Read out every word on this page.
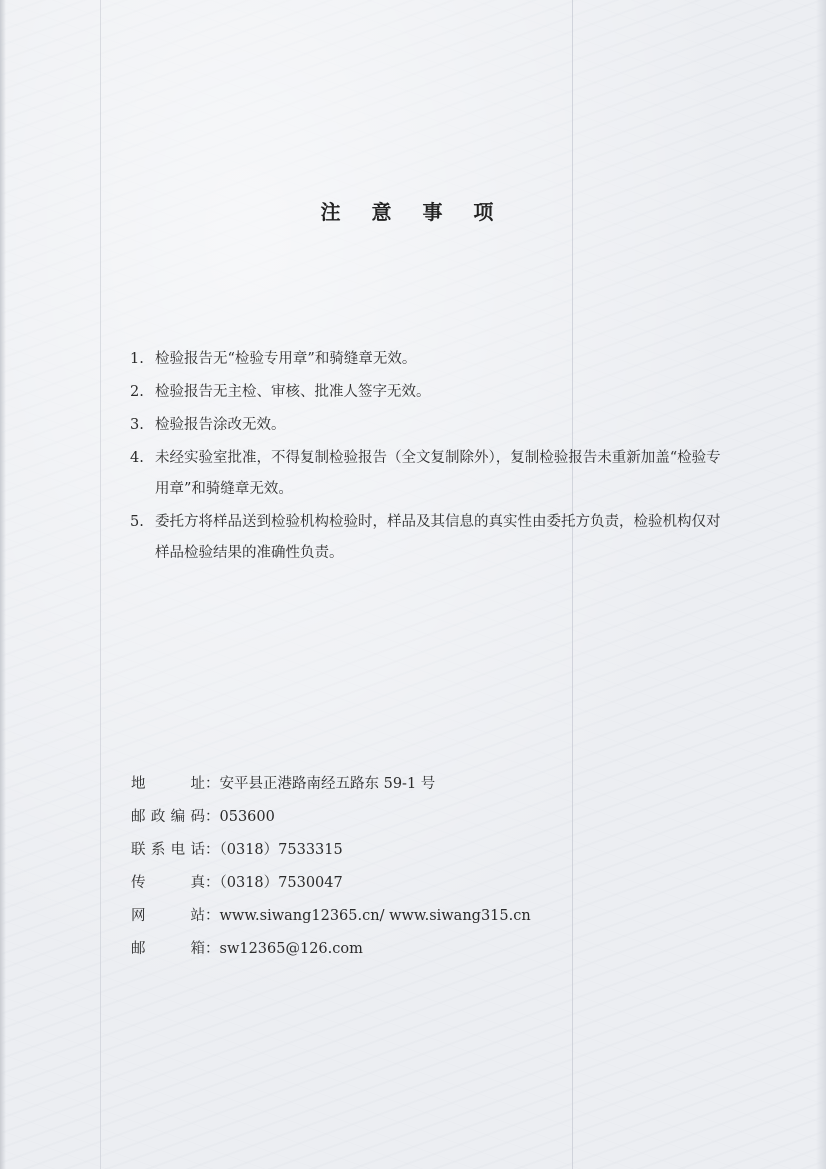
注 意 事 项
1. 检验报告无“检验专用章”和骑缝章无效。
2. 检验报告无主检、审核、批准人签字无效。
3. 检验报告涂改无效。
4. 未经实验室批准，不得复制检验报告（全文复制除外），复制检验报告未重新加盖“检验专用章”和骑缝章无效。
5. 委托方将样品送到检验机构检验时，样品及其信息的真实性由委托方负责，检验机构仅对样品检验结果的准确性负责。
地　　址：安平县正港路南经五路东 59-1 号
邮政编码：053600
联系电话：（0318）7533315
传　　真：（0318）7530047
网　　站：www.siwang12365.cn/ www.siwang315.cn
邮　　箱：sw12365@126.com
